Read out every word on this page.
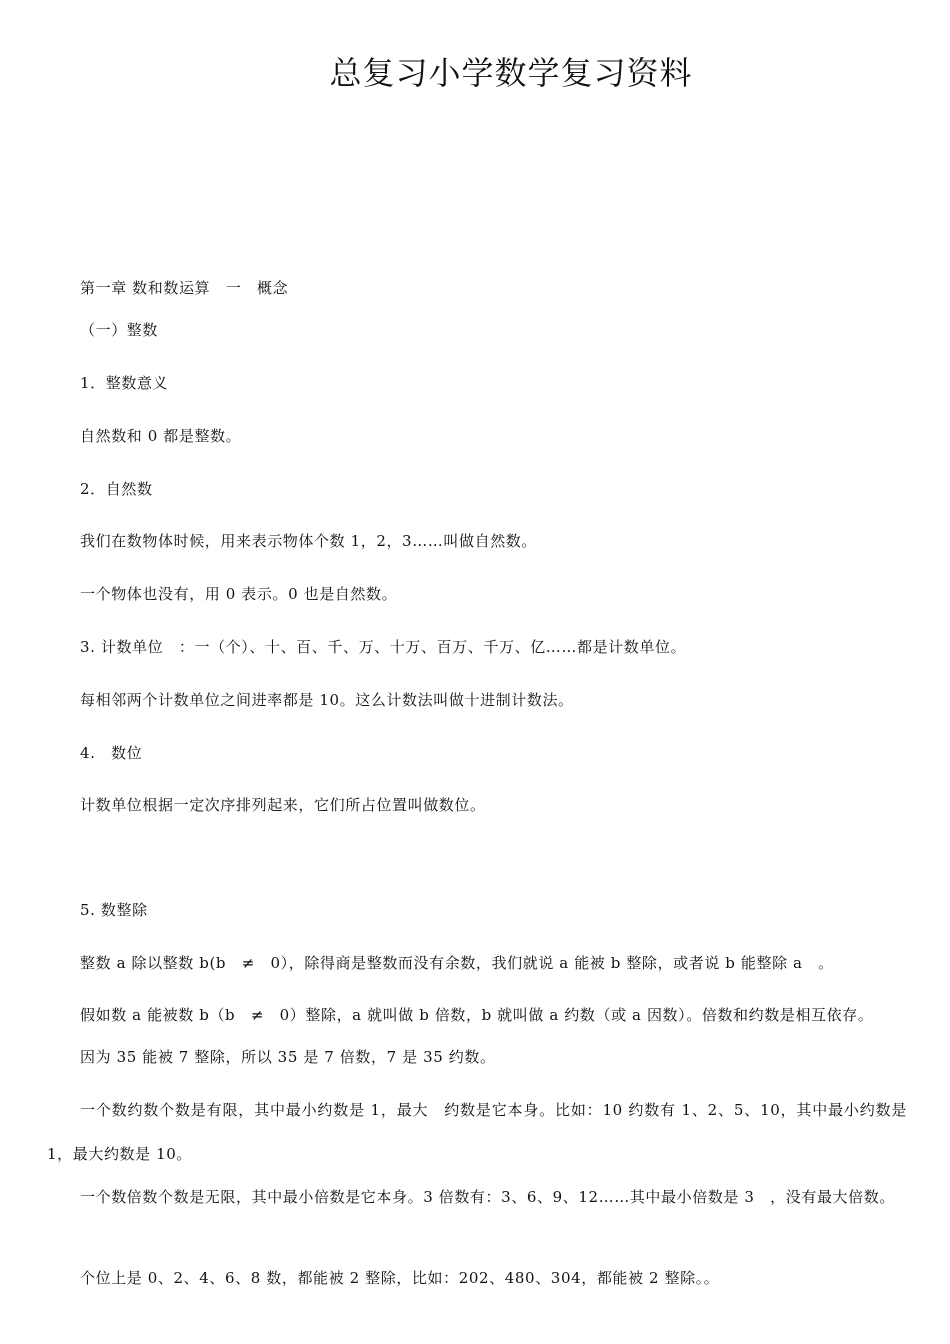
总复习小学数学复习资料

第一章 数和数运算　一　概念

（一）整数

1．整数意义

自然数和 0 都是整数。

2．自然数

我们在数物体时候，用来表示物体个数 1，2，3……叫做自然数。

一个物体也没有，用 0 表示。0 也是自然数。

3. 计数单位　：一（个）、十、百、千、万、十万、百万、千万、亿……都是计数单位。

每相邻两个计数单位之间进率都是 10。这么计数法叫做十进制计数法。

4.　数位

计数单位根据一定次序排列起来，它们所占位置叫做数位。

5. 数整除

整数 a 除以整数 b(b　≠　0），除得商是整数而没有余数，我们就说 a 能被 b 整除，或者说 b 能整除 a　。

假如数 a 能被数 b（b　≠　0）整除，a 就叫做 b 倍数，b 就叫做 a 约数（或 a 因数）。倍数和约数是相互依存。

因为 35 能被 7 整除，所以 35 是 7 倍数，7 是 35 约数。

一个数约数个数是有限，其中最小约数是 1，最大　约数是它本身。比如：10 约数有 1、2、5、10，其中最小约数是 1，最大约数是 10。

一个数倍数个数是无限，其中最小倍数是它本身。3 倍数有：3、6、9、12……其中最小倍数是 3　，没有最大倍数。

个位上是 0、2、4、6、8 数，都能被 2 整除，比如：202、480、304，都能被 2 整除。。
